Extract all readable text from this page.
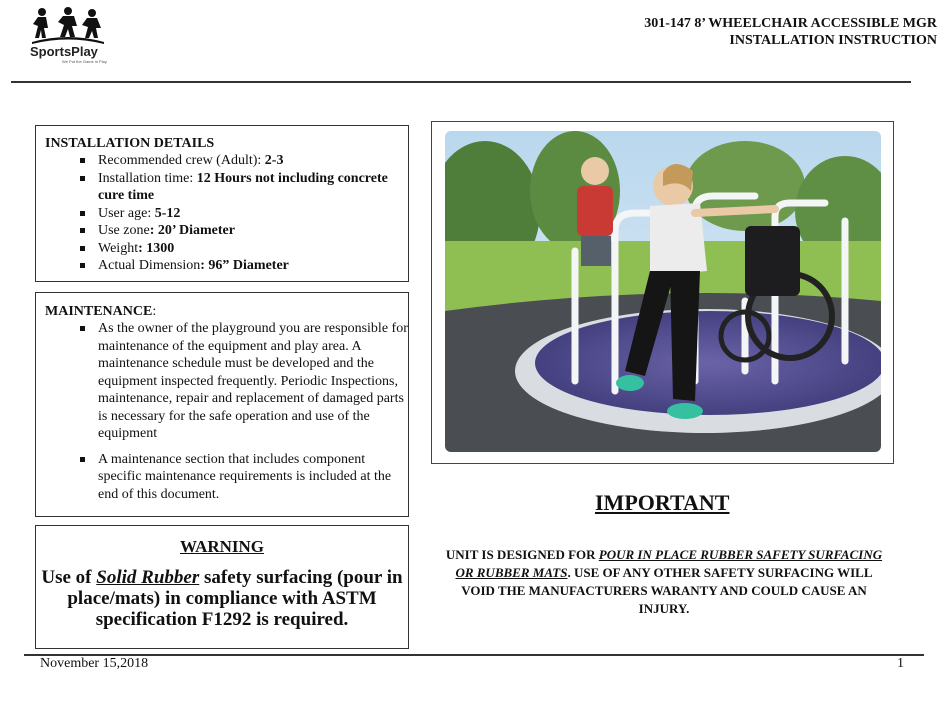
SportsPlay
We Put the Game in Play
301-147 8’ WHEELCHAIR ACCESSIBLE MGR
INSTALLATION INSTRUCTION
INSTALLATION DETAILS
Recommended crew (Adult): 2-3
Installation time: 12 Hours not including concrete cure time
User age: 5-12
Use zone: 20’ Diameter
Weight: 1300
Actual Dimension: 96” Diameter
MAINTENANCE:
As the owner of the playground you are responsible for maintenance of the equipment and play area. A maintenance schedule must be developed and the equipment inspected frequently. Periodic Inspections, maintenance, repair and replacement of damaged parts is necessary for the safe operation and use of the equipment
A maintenance section that includes component specific maintenance requirements is included at the end of this document.
WARNING
Use of Solid Rubber safety surfacing (pour in place/mats) in compliance with ASTM specification F1292 is required.
IMPORTANT
UNIT IS DESIGNED FOR POUR IN PLACE RUBBER SAFETY SURFACING OR RUBBER MATS. USE OF ANY OTHER SAFETY SURFACING WILL VOID THE MANUFACTURERS WARANTY AND COULD CAUSE AN INJURY.
November 15,2018	1
